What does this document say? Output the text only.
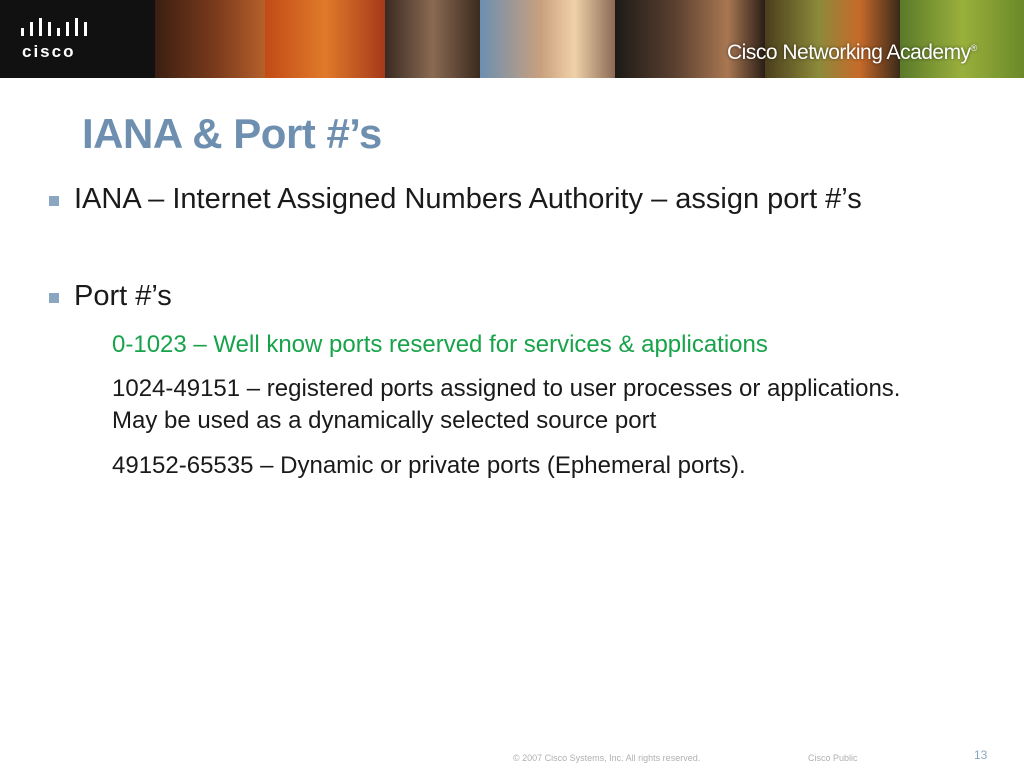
cisco	Cisco Networking Academy®
IANA & Port #’s
IANA – Internet Assigned Numbers Authority – assign port #’s
Port #’s
0-1023 – Well know ports reserved for services & applications
1024-49151 – registered ports assigned to user processes or applications. May be used as a dynamically selected source port
49152-65535 – Dynamic or private ports (Ephemeral ports).
© 2007 Cisco Systems, Inc. All rights reserved.	Cisco Public	13
